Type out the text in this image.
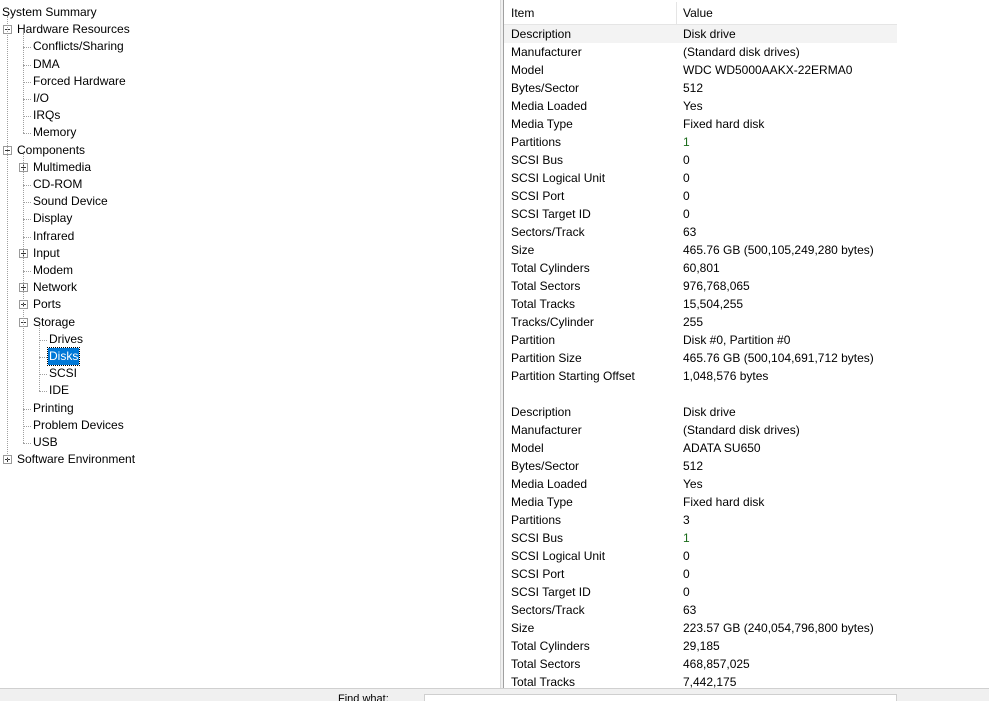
System Summary
Hardware Resources
Conflicts/Sharing
DMA
Forced Hardware
I/O
IRQs
Memory
Components
Multimedia
CD-ROM
Sound Device
Display
Infrared
Input
Modem
Network
Ports
Storage
Drives
Disks
SCSI
IDE
Printing
Problem Devices
USB
Software Environment
Item	Value
Description	Disk drive
Manufacturer	(Standard disk drives)
Model	WDC WD5000AAKX-22ERMA0
Bytes/Sector	512
Media Loaded	Yes
Media Type	Fixed hard disk
Partitions	1
SCSI Bus	0
SCSI Logical Unit	0
SCSI Port	0
SCSI Target ID	0
Sectors/Track	63
Size	465.76 GB (500,105,249,280 bytes)
Total Cylinders	60,801
Total Sectors	976,768,065
Total Tracks	15,504,255
Tracks/Cylinder	255
Partition	Disk #0, Partition #0
Partition Size	465.76 GB (500,104,691,712 bytes)
Partition Starting Offset	1,048,576 bytes
Description	Disk drive
Manufacturer	(Standard disk drives)
Model	ADATA SU650
Bytes/Sector	512
Media Loaded	Yes
Media Type	Fixed hard disk
Partitions	3
SCSI Bus	1
SCSI Logical Unit	0
SCSI Port	0
SCSI Target ID	0
Sectors/Track	63
Size	223.57 GB (240,054,796,800 bytes)
Total Cylinders	29,185
Total Sectors	468,857,025
Total Tracks	7,442,175
Find what:
